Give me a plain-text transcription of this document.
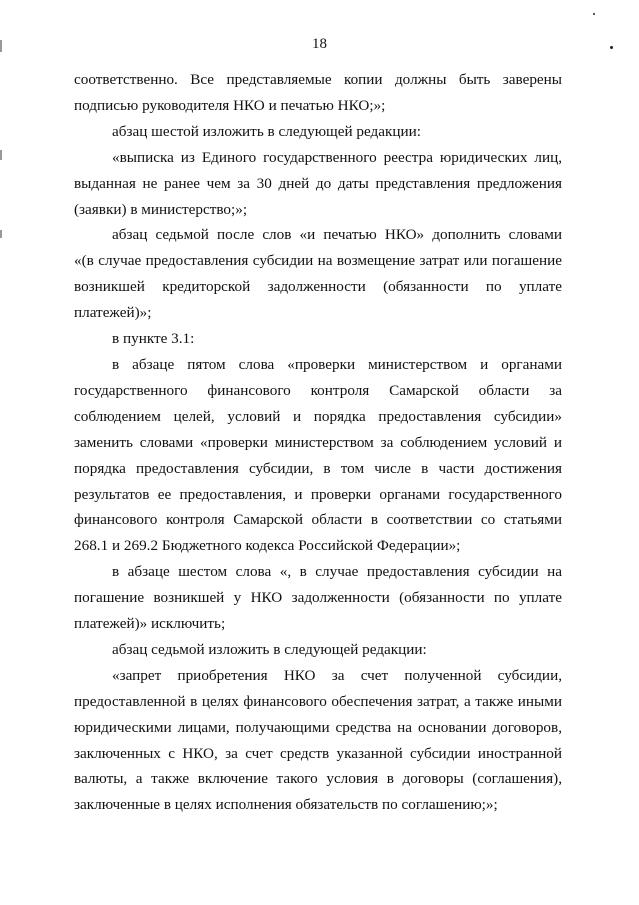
18

соответственно. Все представляемые копии должны быть заверены
подписью руководителя НКО и печатью НКО;»;

абзац шестой изложить в следующей редакции:

«выписка из Единого государственного реестра юридических лиц,
выданная не ранее чем за 30 дней до даты представления предложения
(заявки) в министерство;»;

абзац седьмой после слов «и печатью НКО» дополнить словами
«(в случае предоставления субсидии на возмещение затрат или погашение
возникшей кредиторской задолженности (обязанности по уплате
платежей)»;

в пункте 3.1:

в абзаце пятом слова «проверки министерством и органами
государственного финансового контроля Самарской области за
соблюдением целей, условий и порядка предоставления субсидии»
заменить словами «проверки министерством за соблюдением условий и
порядка предоставления субсидии, в том числе в части достижения
результатов ее предоставления, и проверки органами государственного
финансового контроля Самарской области в соответствии со статьями
268.1 и 269.2 Бюджетного кодекса Российской Федерации»;

в абзаце шестом слова «, в случае предоставления субсидии на
погашение возникшей у НКО задолженности (обязанности по уплате
платежей)» исключить;

абзац седьмой изложить в следующей редакции:

«запрет приобретения НКО за счет полученной субсидии,
предоставленной в целях финансового обеспечения затрат, а также иными
юридическими лицами, получающими средства на основании договоров,
заключенных с НКО, за счет средств указанной субсидии иностранной
валюты, а также включение такого условия в договоры (соглашения),
заключенные в целях исполнения обязательств по соглашению;»;
